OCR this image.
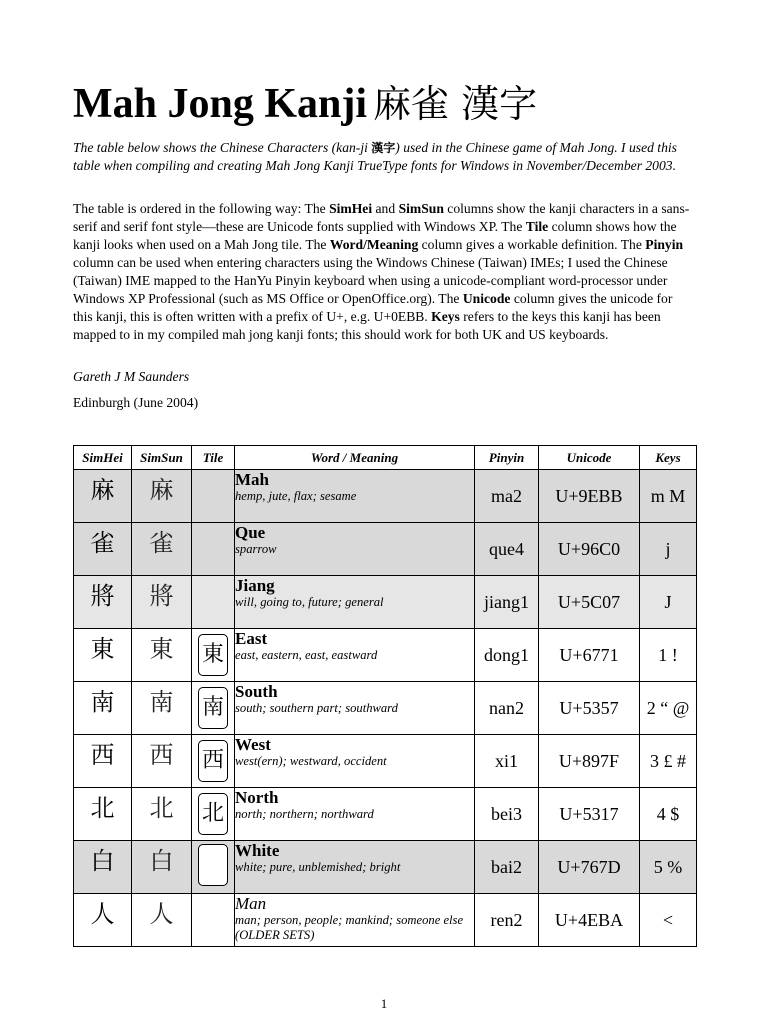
Mah Jong Kanji 麻雀 漢字
The table below shows the Chinese Characters (kan-ji 漢字) used in the Chinese game of Mah Jong. I used this table when compiling and creating Mah Jong Kanji TrueType fonts for Windows in November/December 2003.
The table is ordered in the following way: The SimHei and SimSun columns show the kanji characters in a sans-serif and serif font style—these are Unicode fonts supplied with Windows XP. The Tile column shows how the kanji looks when used on a Mah Jong tile. The Word/Meaning column gives a workable definition. The Pinyin column can be used when entering characters using the Windows Chinese (Taiwan) IMEs; I used the Chinese (Taiwan) IME mapped to the HanYu Pinyin keyboard when using a unicode-compliant word-processor under Windows XP Professional (such as MS Office or OpenOffice.org). The Unicode column gives the unicode for this kanji, this is often written with a prefix of U+, e.g. U+0EBB. Keys refers to the keys this kanji has been mapped to in my compiled mah jong kanji fonts; this should work for both UK and US keyboards.
Gareth J M Saunders
Edinburgh (June 2004)
SimHei	SimSun	Tile	Word / Meaning	Pinyin	Unicode	Keys
麻	麻		Mah
hemp, jute, flax; sesame	ma2	U+9EBB	m M
雀	雀		Que
sparrow	que4	U+96C0	j
將	將		Jiang
will, going to, future; general	jiang1	U+5C07	J
東	東	東	East
east, eastern, east, eastward	dong1	U+6771	1 !
南	南	南	South
south; southern part; southward	nan2	U+5357	2 “ @
西	西	西	West
west(ern); westward, occident	xi1	U+897F	3 £ #
北	北	北	North
north; northern; northward	bei3	U+5317	4 $
白	白		White
white; pure, unblemished; bright	bai2	U+767D	5 %
人	人		Man
man; person, people; mankind; someone else (OLDER SETS)	ren2	U+4EBA	<
1
